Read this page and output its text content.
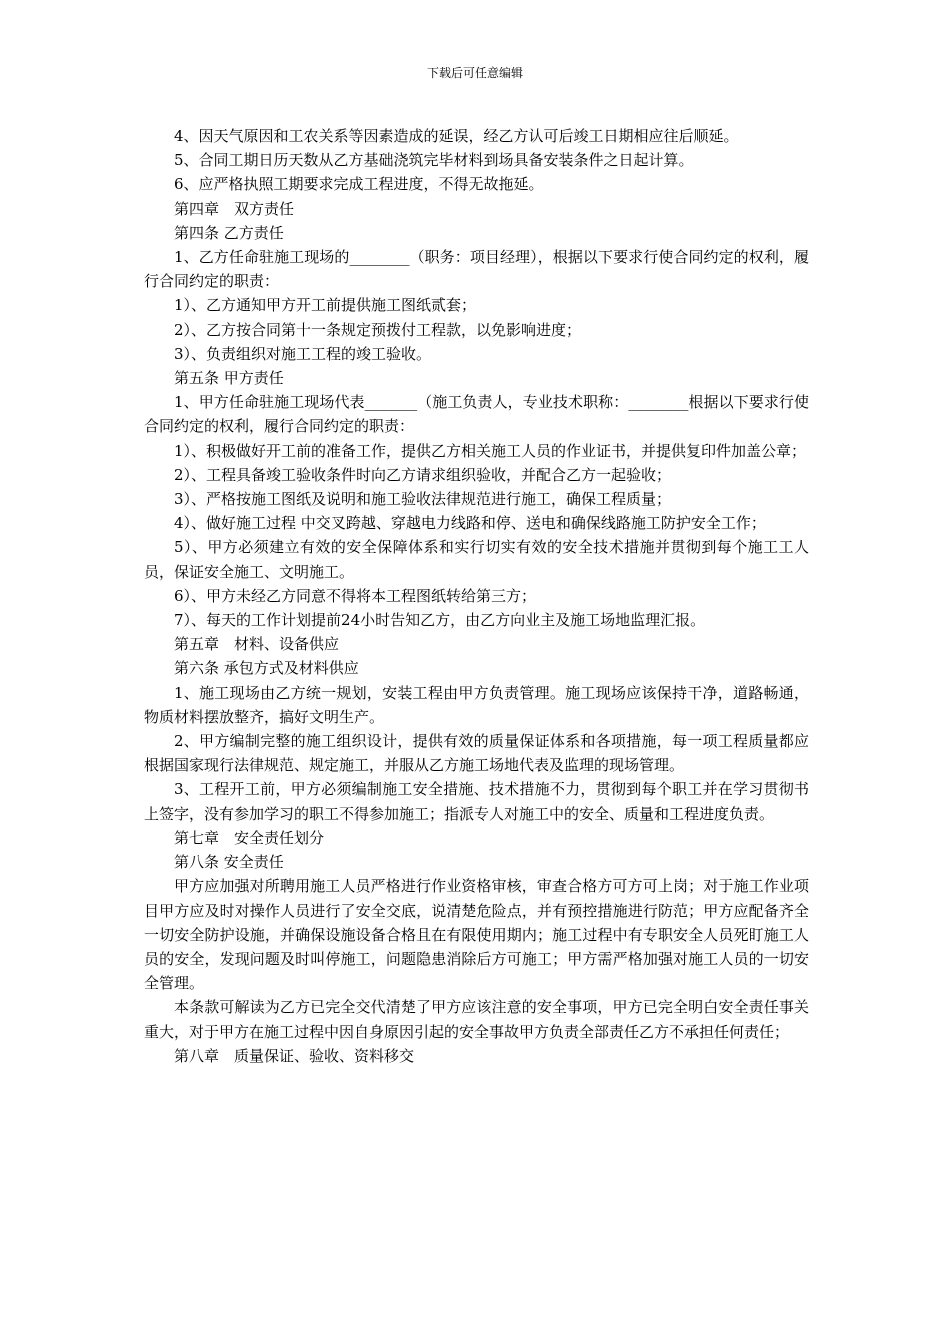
下载后可任意编辑

4、因天气原因和工农关系等因素造成的延误，经乙方认可后竣工日期相应往后顺延。

5、合同工期日历天数从乙方基础浇筑完毕材料到场具备安装条件之日起计算。

6、应严格执照工期要求完成工程进度，不得无故拖延。

第四章　双方责任

第四条 乙方责任

1、乙方任命驻施工现场的________（职务：项目经理），根据以下要求行使合同约定的权利，履行合同约定的职责：

1）、乙方通知甲方开工前提供施工图纸贰套；

2）、乙方按合同第十一条规定预拨付工程款，以免影响进度；

3）、负责组织对施工工程的竣工验收。

第五条 甲方责任

1、甲方任命驻施工现场代表_______（施工负责人，专业技术职称：________根据以下要求行使合同约定的权利，履行合同约定的职责：

1）、积极做好开工前的准备工作，提供乙方相关施工人员的作业证书，并提供复印件加盖公章；

2）、工程具备竣工验收条件时向乙方请求组织验收，并配合乙方一起验收；

3）、严格按施工图纸及说明和施工验收法律规范进行施工，确保工程质量；

4）、做好施工过程 中交叉跨越、穿越电力线路和停、送电和确保线路施工防护安全工作；

5）、甲方必须建立有效的安全保障体系和实行切实有效的安全技术措施并贯彻到每个施工工人员，保证安全施工、文明施工。

6）、甲方未经乙方同意不得将本工程图纸转给第三方；

7）、每天的工作计划提前24小时告知乙方，由乙方向业主及施工场地监理汇报。

第五章　材料、设备供应

第六条 承包方式及材料供应

1、施工现场由乙方统一规划，安装工程由甲方负责管理。施工现场应该保持干净，道路畅通，物质材料摆放整齐，搞好文明生产。

2、甲方编制完整的施工组织设计，提供有效的质量保证体系和各项措施，每一项工程质量都应根据国家现行法律规范、规定施工，并服从乙方施工场地代表及监理的现场管理。

3、工程开工前，甲方必须编制施工安全措施、技术措施不力，贯彻到每个职工并在学习贯彻书上签字，没有参加学习的职工不得参加施工；指派专人对施工中的安全、质量和工程进度负责。

第七章　安全责任划分

第八条 安全责任

甲方应加强对所聘用施工人员严格进行作业资格审核，审查合格方可方可上岗；对于施工作业项目甲方应及时对操作人员进行了安全交底，说清楚危险点，并有预控措施进行防范；甲方应配备齐全一切安全防护设施，并确保设施设备合格且在有限使用期内；施工过程中有专职安全人员死盯施工人员的安全，发现问题及时叫停施工，问题隐患消除后方可施工；甲方需严格加强对施工人员的一切安全管理。

本条款可解读为乙方已完全交代清楚了甲方应该注意的安全事项，甲方已完全明白安全责任事关重大，对于甲方在施工过程中因自身原因引起的安全事故甲方负责全部责任乙方不承担任何责任；

第八章　质量保证、验收、资料移交
